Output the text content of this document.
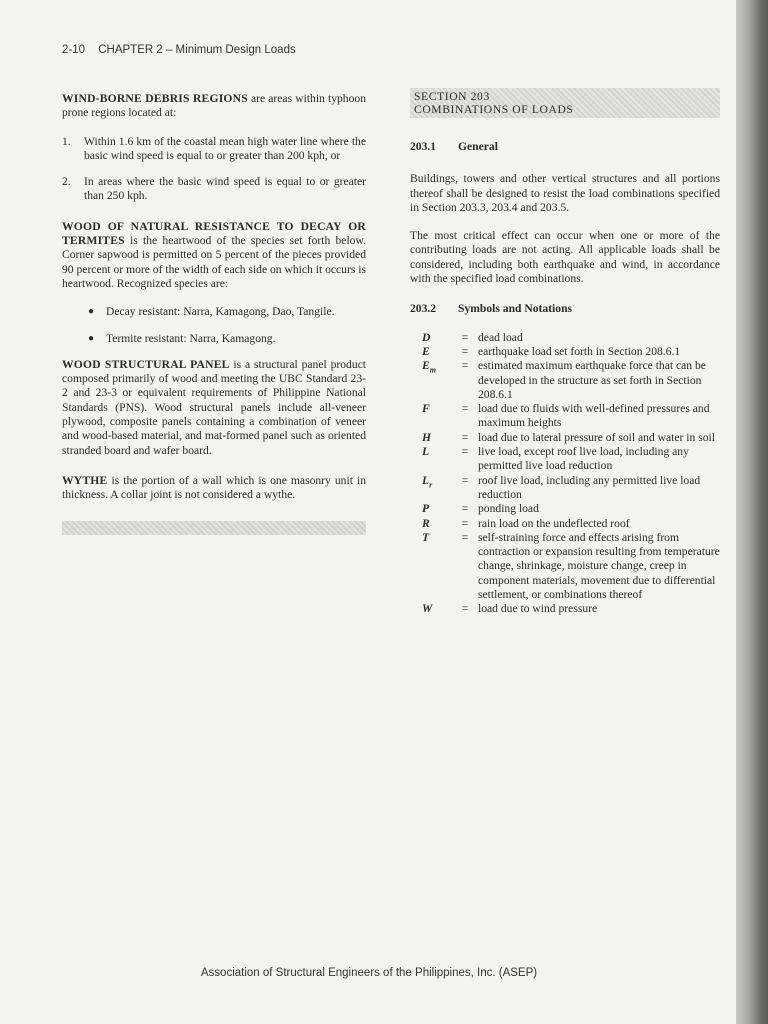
2-10 CHAPTER 2 – Minimum Design Loads

WIND-BORNE DEBRIS REGIONS are areas within typhoon prone regions located at:

1.	Within 1.6 km of the coastal mean high water line where the basic wind speed is equal to or greater than 200 kph, or
2.	In areas where the basic wind speed is equal to or greater than 250 kph.

WOOD OF NATURAL RESISTANCE TO DECAY OR TERMITES is the heartwood of the species set forth below. Corner sapwood is permitted on 5 percent of the pieces provided 90 percent or more of the width of each side on which it occurs is heartwood. Recognized species are:

●	Decay resistant: Narra, Kamagong, Dao, Tangile.
●	Termite resistant: Narra, Kamagong.

WOOD STRUCTURAL PANEL is a structural panel product composed primarily of wood and meeting the UBC Standard 23-2 and 23-3 or equivalent requirements of Philippine National Standards (PNS). Wood structural panels include all-veneer plywood, composite panels containing a combination of veneer and wood-based material, and mat-formed panel such as oriented stranded board and wafer board.

WYTHE is the portion of a wall which is one masonry unit in thickness. A collar joint is not considered a wythe.

SECTION 203
COMBINATIONS OF LOADS
203.1	General

Buildings, towers and other vertical structures and all portions thereof shall be designed to resist the load combinations specified in Section 203.3, 203.4 and 203.5.

The most critical effect can occur when one or more of the contributing loads are not acting. All applicable loads shall be considered, including both earthquake and wind, in accordance with the specified load combinations.

203.2	Symbols and Notations
D	= dead load
E	= earthquake load set forth in Section 208.6.1
$E_m$	= estimated maximum earthquake force that can be developed in the structure as set forth in Section 208.6.1
F	= load due to fluids with well-defined pressures and maximum heights
H	= load due to lateral pressure of soil and water in soil
L	= live load, except roof live load, including any permitted live load reduction
$L_r$	= roof live load, including any permitted live load reduction
P	= ponding load
R	= rain load on the undeflected roof
T	= self-straining force and effects arising from contraction or expansion resulting from temperature change, shrinkage, moisture change, creep in component materials, movement due to differential settlement, or combinations thereof
W	= load due to wind pressure
Association of Structural Engineers of the Philippines, Inc. (ASEP)
